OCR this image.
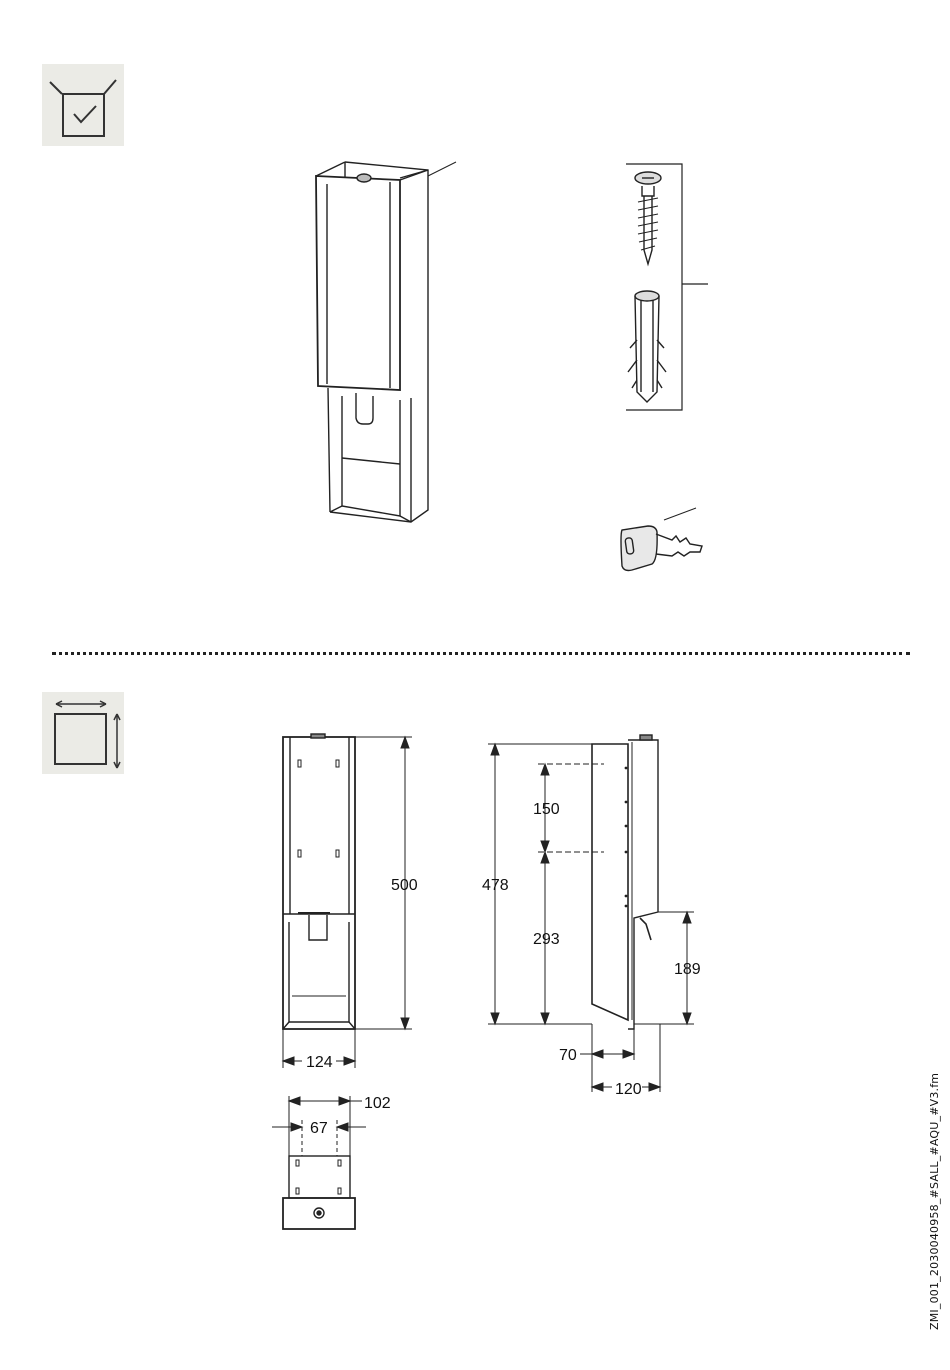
500
124
102
67
478
150
293
189
70
120	ZMI_001_2030040958_#SALL_#AQU_#V3.fm
